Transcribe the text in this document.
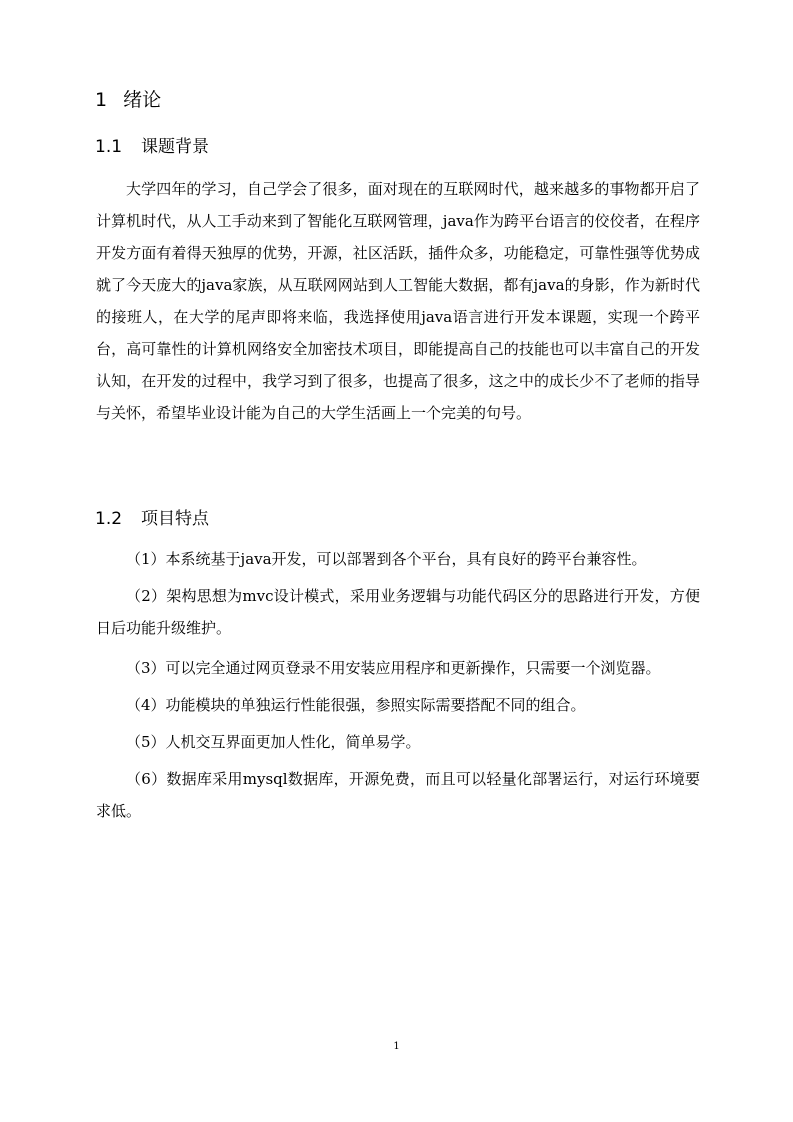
1 绪论
1.1 课题背景

大学四年的学习，自己学会了很多，面对现在的互联网时代，越来越多的事物都开启了计算机时代，从人工手动来到了智能化互联网管理，java作为跨平台语言的佼佼者，在程序开发方面有着得天独厚的优势，开源，社区活跃，插件众多，功能稳定，可靠性强等优势成就了今天庞大的java家族，从互联网网站到人工智能大数据，都有java的身影，作为新时代的接班人，在大学的尾声即将来临，我选择使用java语言进行开发本课题，实现一个跨平台，高可靠性的计算机网络安全加密技术项目，即能提高自己的技能也可以丰富自己的开发认知，在开发的过程中，我学习到了很多，也提高了很多，这之中的成长少不了老师的指导与关怀，希望毕业设计能为自己的大学生活画上一个完美的句号。

1.2 项目特点

（1）本系统基于java开发，可以部署到各个平台，具有良好的跨平台兼容性。

（2）架构思想为mvc设计模式，采用业务逻辑与功能代码区分的思路进行开发，方便日后功能升级维护。

（3）可以完全通过网页登录不用安装应用程序和更新操作，只需要一个浏览器。

（4）功能模块的单独运行性能很强，参照实际需要搭配不同的组合。

（5）人机交互界面更加人性化，简单易学。

（6）数据库采用mysql数据库，开源免费，而且可以轻量化部署运行，对运行环境要求低。

1
